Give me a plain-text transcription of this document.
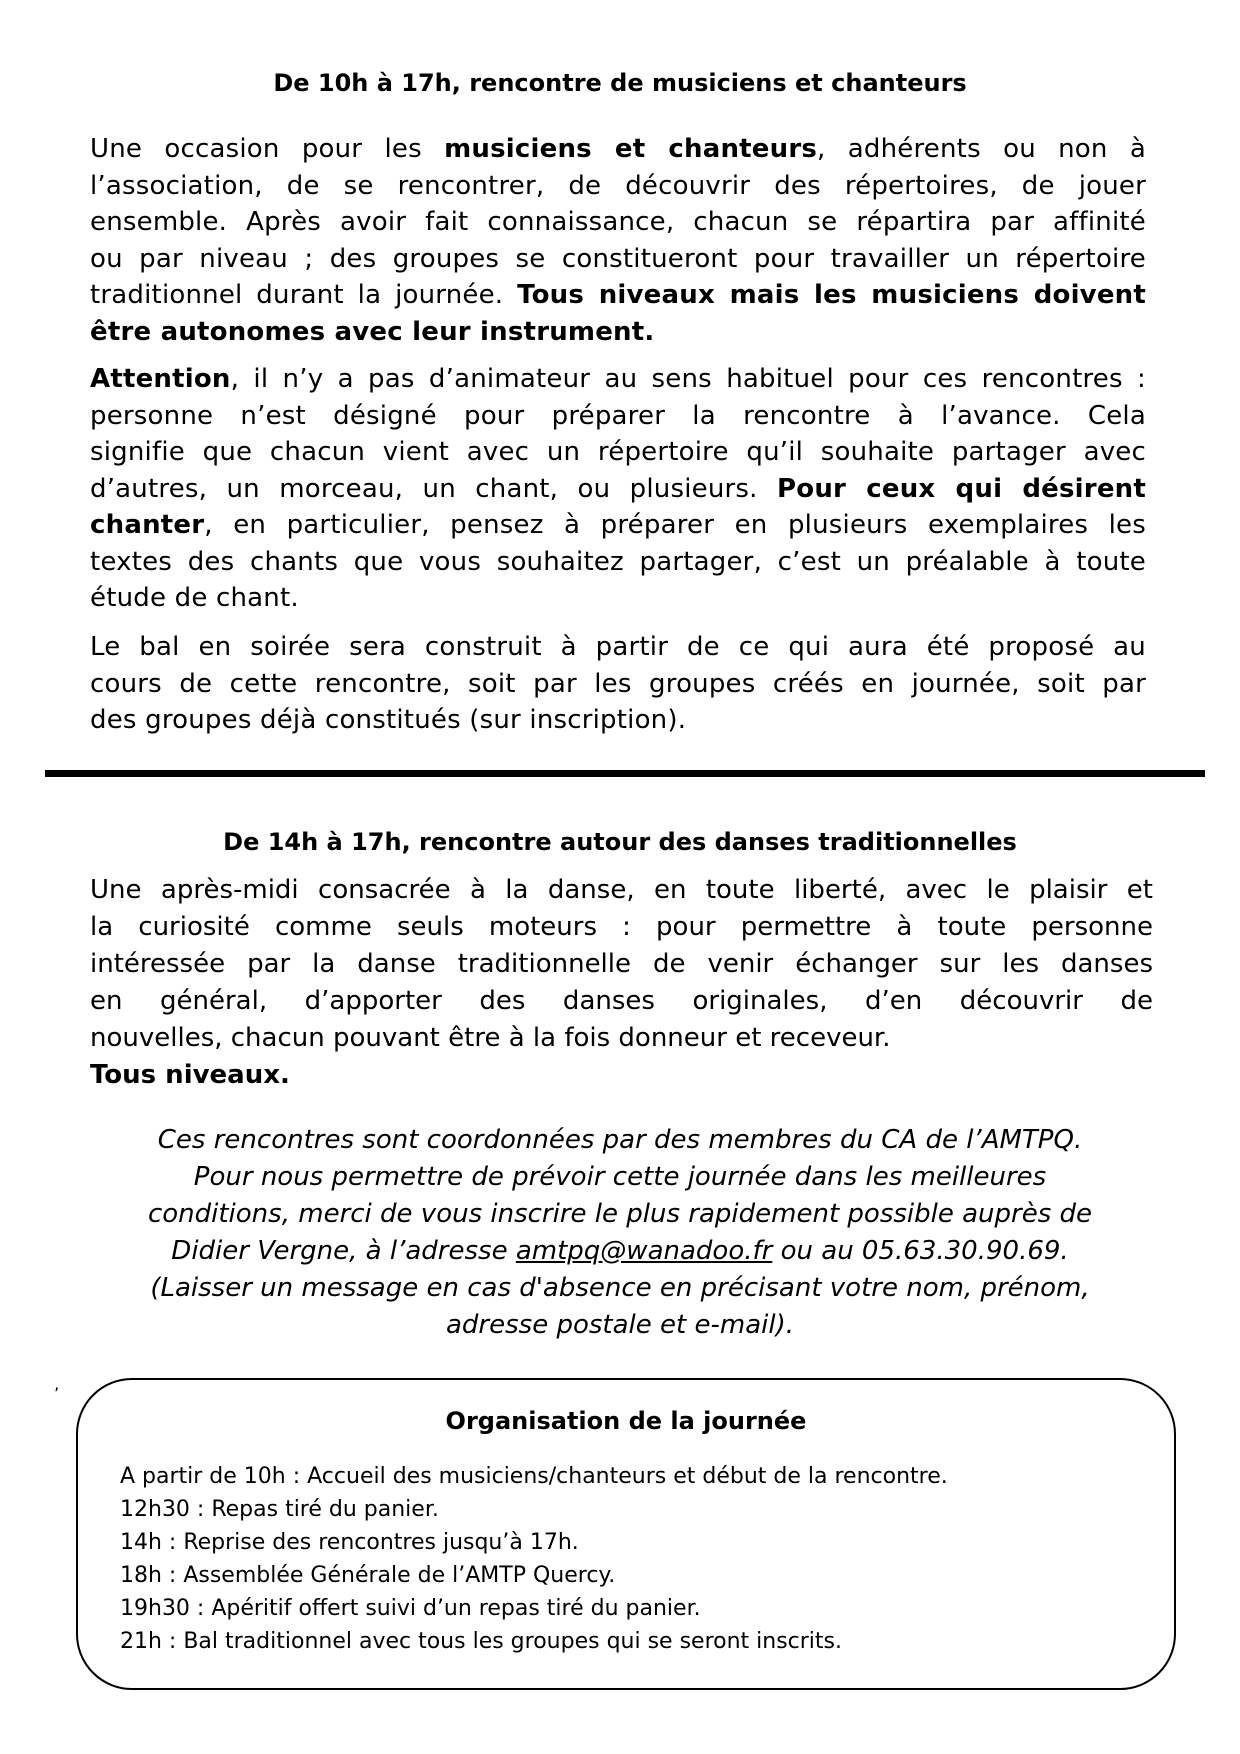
De 10h à 17h, rencontre de musiciens et chanteurs
Une occasion pour les musiciens et chanteurs, adhérents ou non à
l’association, de se rencontrer, de découvrir des répertoires, de jouer
ensemble. Après avoir fait connaissance, chacun se répartira par affinité
ou par niveau ; des groupes se constitueront pour travailler un répertoire
traditionnel durant la journée. Tous niveaux mais les musiciens doivent
être autonomes avec leur instrument.
Attention, il n’y a pas d’animateur au sens habituel pour ces rencontres :
personne n’est désigné pour préparer la rencontre à l’avance. Cela
signifie que chacun vient avec un répertoire qu’il souhaite partager avec
d’autres, un morceau, un chant, ou plusieurs. Pour ceux qui désirent
chanter, en particulier, pensez à préparer en plusieurs exemplaires les
textes des chants que vous souhaitez partager, c’est un préalable à toute
étude de chant.
Le bal en soirée sera construit à partir de ce qui aura été proposé au
cours de cette rencontre, soit par les groupes créés en journée, soit par
des groupes déjà constitués (sur inscription).
De 14h à 17h, rencontre autour des danses traditionnelles
Une après-midi consacrée à la danse, en toute liberté, avec le plaisir et
la curiosité comme seuls moteurs : pour permettre à toute personne
intéressée par la danse traditionnelle de venir échanger sur les danses
en général, d’apporter des danses originales, d’en découvrir de
nouvelles, chacun pouvant être à la fois donneur et receveur.
Tous niveaux.
Ces rencontres sont coordonnées par des membres du CA de l’AMTPQ.
Pour nous permettre de prévoir cette journée dans les meilleures
conditions, merci de vous inscrire le plus rapidement possible auprès de
Didier Vergne, à l’adresse amtpq@wanadoo.fr ou au 05.63.30.90.69.
(Laisser un message en cas d'absence en précisant votre nom, prénom,
adresse postale et e-mail).
’
Organisation de la journée
A partir de 10h : Accueil des musiciens/chanteurs et début de la rencontre.
12h30 : Repas tiré du panier.
14h : Reprise des rencontres jusqu’à 17h.
18h : Assemblée Générale de l’AMTP Quercy.
19h30 : Apéritif offert suivi d’un repas tiré du panier.
21h : Bal traditionnel avec tous les groupes qui se seront inscrits.
